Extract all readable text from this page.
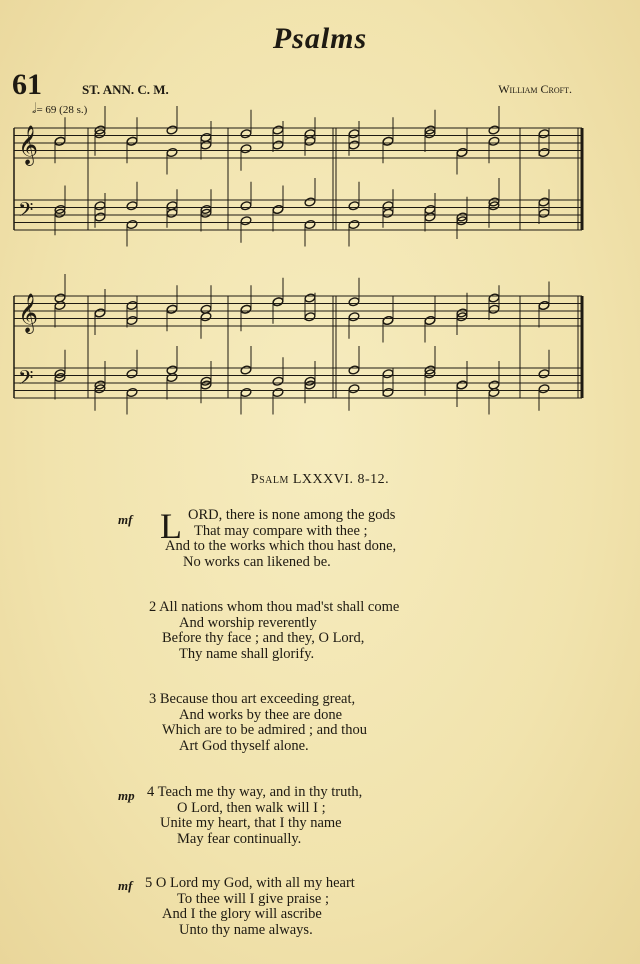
Psalms
61	ST. ANN. C. M.	William Croft.
𝅗𝅥= 69 (28 s.)
𝄞
𝄢
𝄞
𝄢
Psalm LXXXVI. 8-12.
mf L ORD, there is none among the gods
That may compare with thee ;
And to the works which thou hast done,
No works can likened be.
2 All nations whom thou mad'st shall come
And worship reverently
Before thy face ; and they, O Lord,
Thy name shall glorify.
3 Because thou art exceeding great,
And works by thee are done
Which are to be admired ; and thou
Art God thyself alone.
mp 4 Teach me thy way, and in thy truth,
O Lord, then walk will I ;
Unite my heart, that I thy name
May fear continually.
mf 5 O Lord my God, with all my heart
To thee will I give praise ;
And I the glory will ascribe
Unto thy name always.
